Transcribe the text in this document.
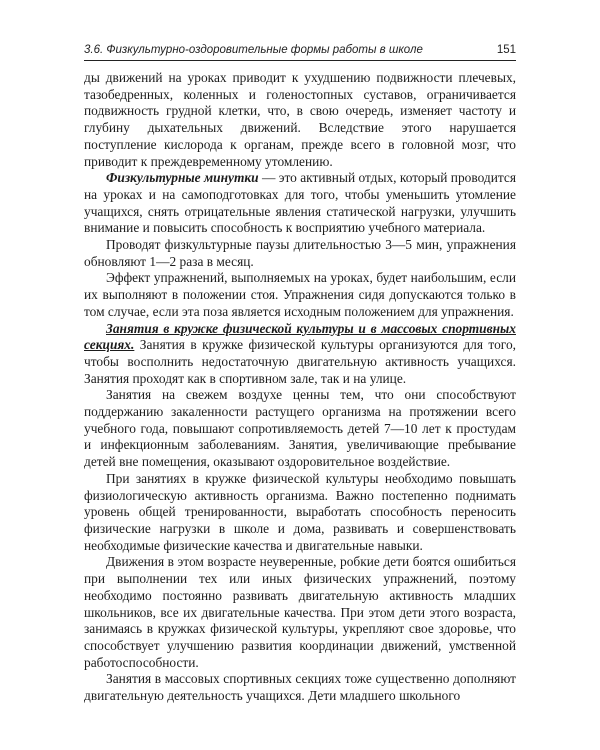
3.6. Физкультурно-оздоровительные формы работы в школе	151

ды движений на уроках приводит к ухудшению подвижности плечевых, тазобедренных, коленных и голеностопных суставов, ограничивается подвижность грудной клетки, что, в свою очередь, изменяет частоту и глубину дыхательных движений. Вследствие этого нарушается поступление кислорода к органам, прежде всего в головной мозг, что приводит к преждевременному утомлению.

Физкультурные минутки — это активный отдых, который проводится на уроках и на самоподготовках для того, чтобы уменьшить утомление учащихся, снять отрицательные явления статической нагрузки, улучшить внимание и повысить способность к восприятию учебного материала.

Проводят физкультурные паузы длительностью 3—5 мин, упражнения обновляют 1—2 раза в месяц.

Эффект упражнений, выполняемых на уроках, будет наибольшим, если их выполняют в положении стоя. Упражнения сидя допускаются только в том случае, если эта поза является исходным положением для упражнения.

Занятия в кружке физической культуры и в массовых спортивных секциях. Занятия в кружке физической культуры организуются для того, чтобы восполнить недостаточную двигательную активность учащихся. Занятия проходят как в спортивном зале, так и на улице.

Занятия на свежем воздухе ценны тем, что они способствуют поддержанию закаленности растущего организма на протяжении всего учебного года, повышают сопротивляемость детей 7—10 лет к простудам и инфекционным заболеваниям. Занятия, увеличивающие пребывание детей вне помещения, оказывают оздоровительное воздействие.

При занятиях в кружке физической культуры необходимо повышать физиологическую активность организма. Важно постепенно поднимать уровень общей тренированности, выработать способность переносить физические нагрузки в школе и дома, развивать и совершенствовать необходимые физические качества и двигательные навыки.

Движения в этом возрасте неуверенные, робкие дети боятся ошибиться при выполнении тех или иных физических упражнений, поэтому необходимо постоянно развивать двигательную активность младших школьников, все их двигательные качества. При этом дети этого возраста, занимаясь в кружках физической культуры, укрепляют свое здоровье, что способствует улучшению развития координации движений, умственной работоспособности.

Занятия в массовых спортивных секциях тоже существенно дополняют двигательную деятельность учащихся. Дети младшего школьного
